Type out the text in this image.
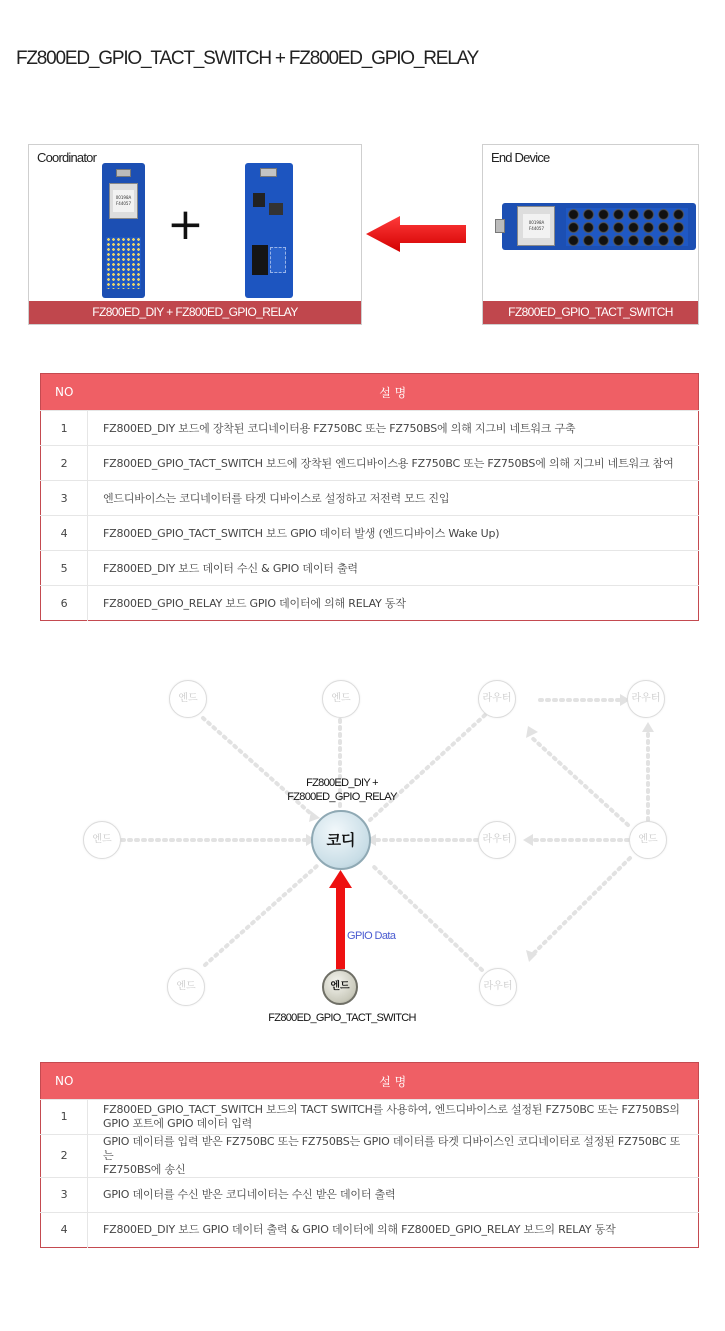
FZ800ED_GPIO_TACT_SWITCH + FZ800ED_GPIO_RELAY
Coordinator
00198A F44057 +
FZ800ED_DIY + FZ800ED_GPIO_RELAY
End Device
00198A F44057
FZ800ED_GPIO_TACT_SWITCH
NO	설 명
1	FZ800ED_DIY 보드에 장착된 코디네이터용 FZ750BC 또는 FZ750BS에 의해 지그비 네트워크 구축
2	FZ800ED_GPIO_TACT_SWITCH 보드에 장착된 엔드디바이스용 FZ750BC 또는 FZ750BS에 의해 지그비 네트워크 참여
3	엔드디바이스는 코디네이터를 타겟 디바이스로 설정하고 저전력 모드 진입
4	FZ800ED_GPIO_TACT_SWITCH 보드 GPIO 데이터 발생 (엔드디바이스 Wake Up)
5	FZ800ED_DIY 보드 데이터 수신 & GPIO 데이터 출력
6	FZ800ED_GPIO_RELAY 보드 GPIO 데이터에 의해 RELAY 동작
엔드	엔드	라우터	라우터
엔드	라우터	엔드
엔드	라우터
FZ800ED_DIY +
FZ800ED_GPIO_RELAY
코디
GPIO Data
엔드
FZ800ED_GPIO_TACT_SWITCH
NO	설 명
1	FZ800ED_GPIO_TACT_SWITCH 보드의 TACT SWITCH를 사용하여, 엔드디바이스로 설정된 FZ750BC 또는 FZ750BS의
GPIO 포트에 GPIO 데이터 입력

2	GPIO 데이터를 입력 받은 FZ750BC 또는 FZ750BS는 GPIO 데이터를 타겟 디바이스인 코디네이터로 설정된 FZ750BC 또는
FZ750BS에 송신

3	GPIO 데이터를 수신 받은 코디네이터는 수신 받은 데이터 출력
4	FZ800ED_DIY 보드 GPIO 데이터 출력 & GPIO 데이터에 의해 FZ800ED_GPIO_RELAY 보드의 RELAY 동작
